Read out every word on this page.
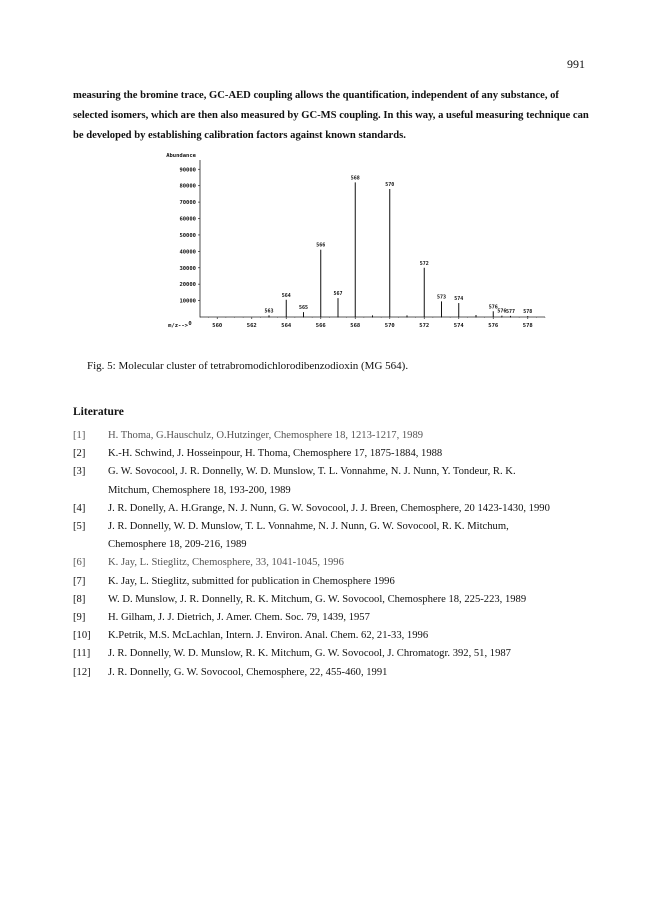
991
measuring the bromine trace, GC-AED coupling allows the quantification, independent of any substance, of
selected isomers, which are then also measured by GC-MS coupling. In this way, a useful measuring technique can
be developed by establishing calibration factors against known standards.
Abundance
10000
20000
30000
40000
50000
60000
70000
80000
90000
m/z--> 0	560	562	564	566	568	570	572	574	576	578
563
564
565
566
567
568
570
572
573 574
576
576 577 578
Fig. 5: Molecular cluster of tetrabromodichlorodibenzodioxin (MG 564).
Literature
[1]	H. Thoma, G.Hauschulz, O.Hutzinger, Chemosphere 18, 1213-1217, 1989
[2]	K.-H. Schwind, J. Hosseinpour, H. Thoma, Chemosphere 17, 1875-1884, 1988
[3]	G. W. Sovocool, J. R. Donnelly, W. D. Munslow, T. L. Vonnahme, N. J. Nunn, Y. Tondeur, R. K.
Mitchum, Chemosphere 18, 193-200, 1989
[4]	J. R. Donelly, A. H.Grange, N. J. Nunn, G. W. Sovocool, J. J. Breen, Chemosphere, 20 1423-1430, 1990
[5]	J. R. Donnelly, W. D. Munslow, T. L. Vonnahme, N. J. Nunn, G. W. Sovocool, R. K. Mitchum,
Chemosphere 18, 209-216, 1989
[6]	K. Jay, L. Stieglitz, Chemosphere, 33, 1041-1045, 1996
[7]	K. Jay, L. Stieglitz, submitted for publication in Chemosphere 1996
[8]	W. D. Munslow, J. R. Donnelly, R. K. Mitchum, G. W. Sovocool, Chemosphere 18, 225-223, 1989
[9]	H. Gilham, J. J. Dietrich, J. Amer. Chem. Soc. 79, 1439, 1957
[10]	K.Petrik, M.S. McLachlan, Intern. J. Environ. Anal. Chem. 62, 21-33, 1996
[11]	J. R. Donnelly, W. D. Munslow, R. K. Mitchum, G. W. Sovocool, J. Chromatogr. 392, 51, 1987
[12]	J. R. Donnelly, G. W. Sovocool, Chemosphere, 22, 455-460, 1991
